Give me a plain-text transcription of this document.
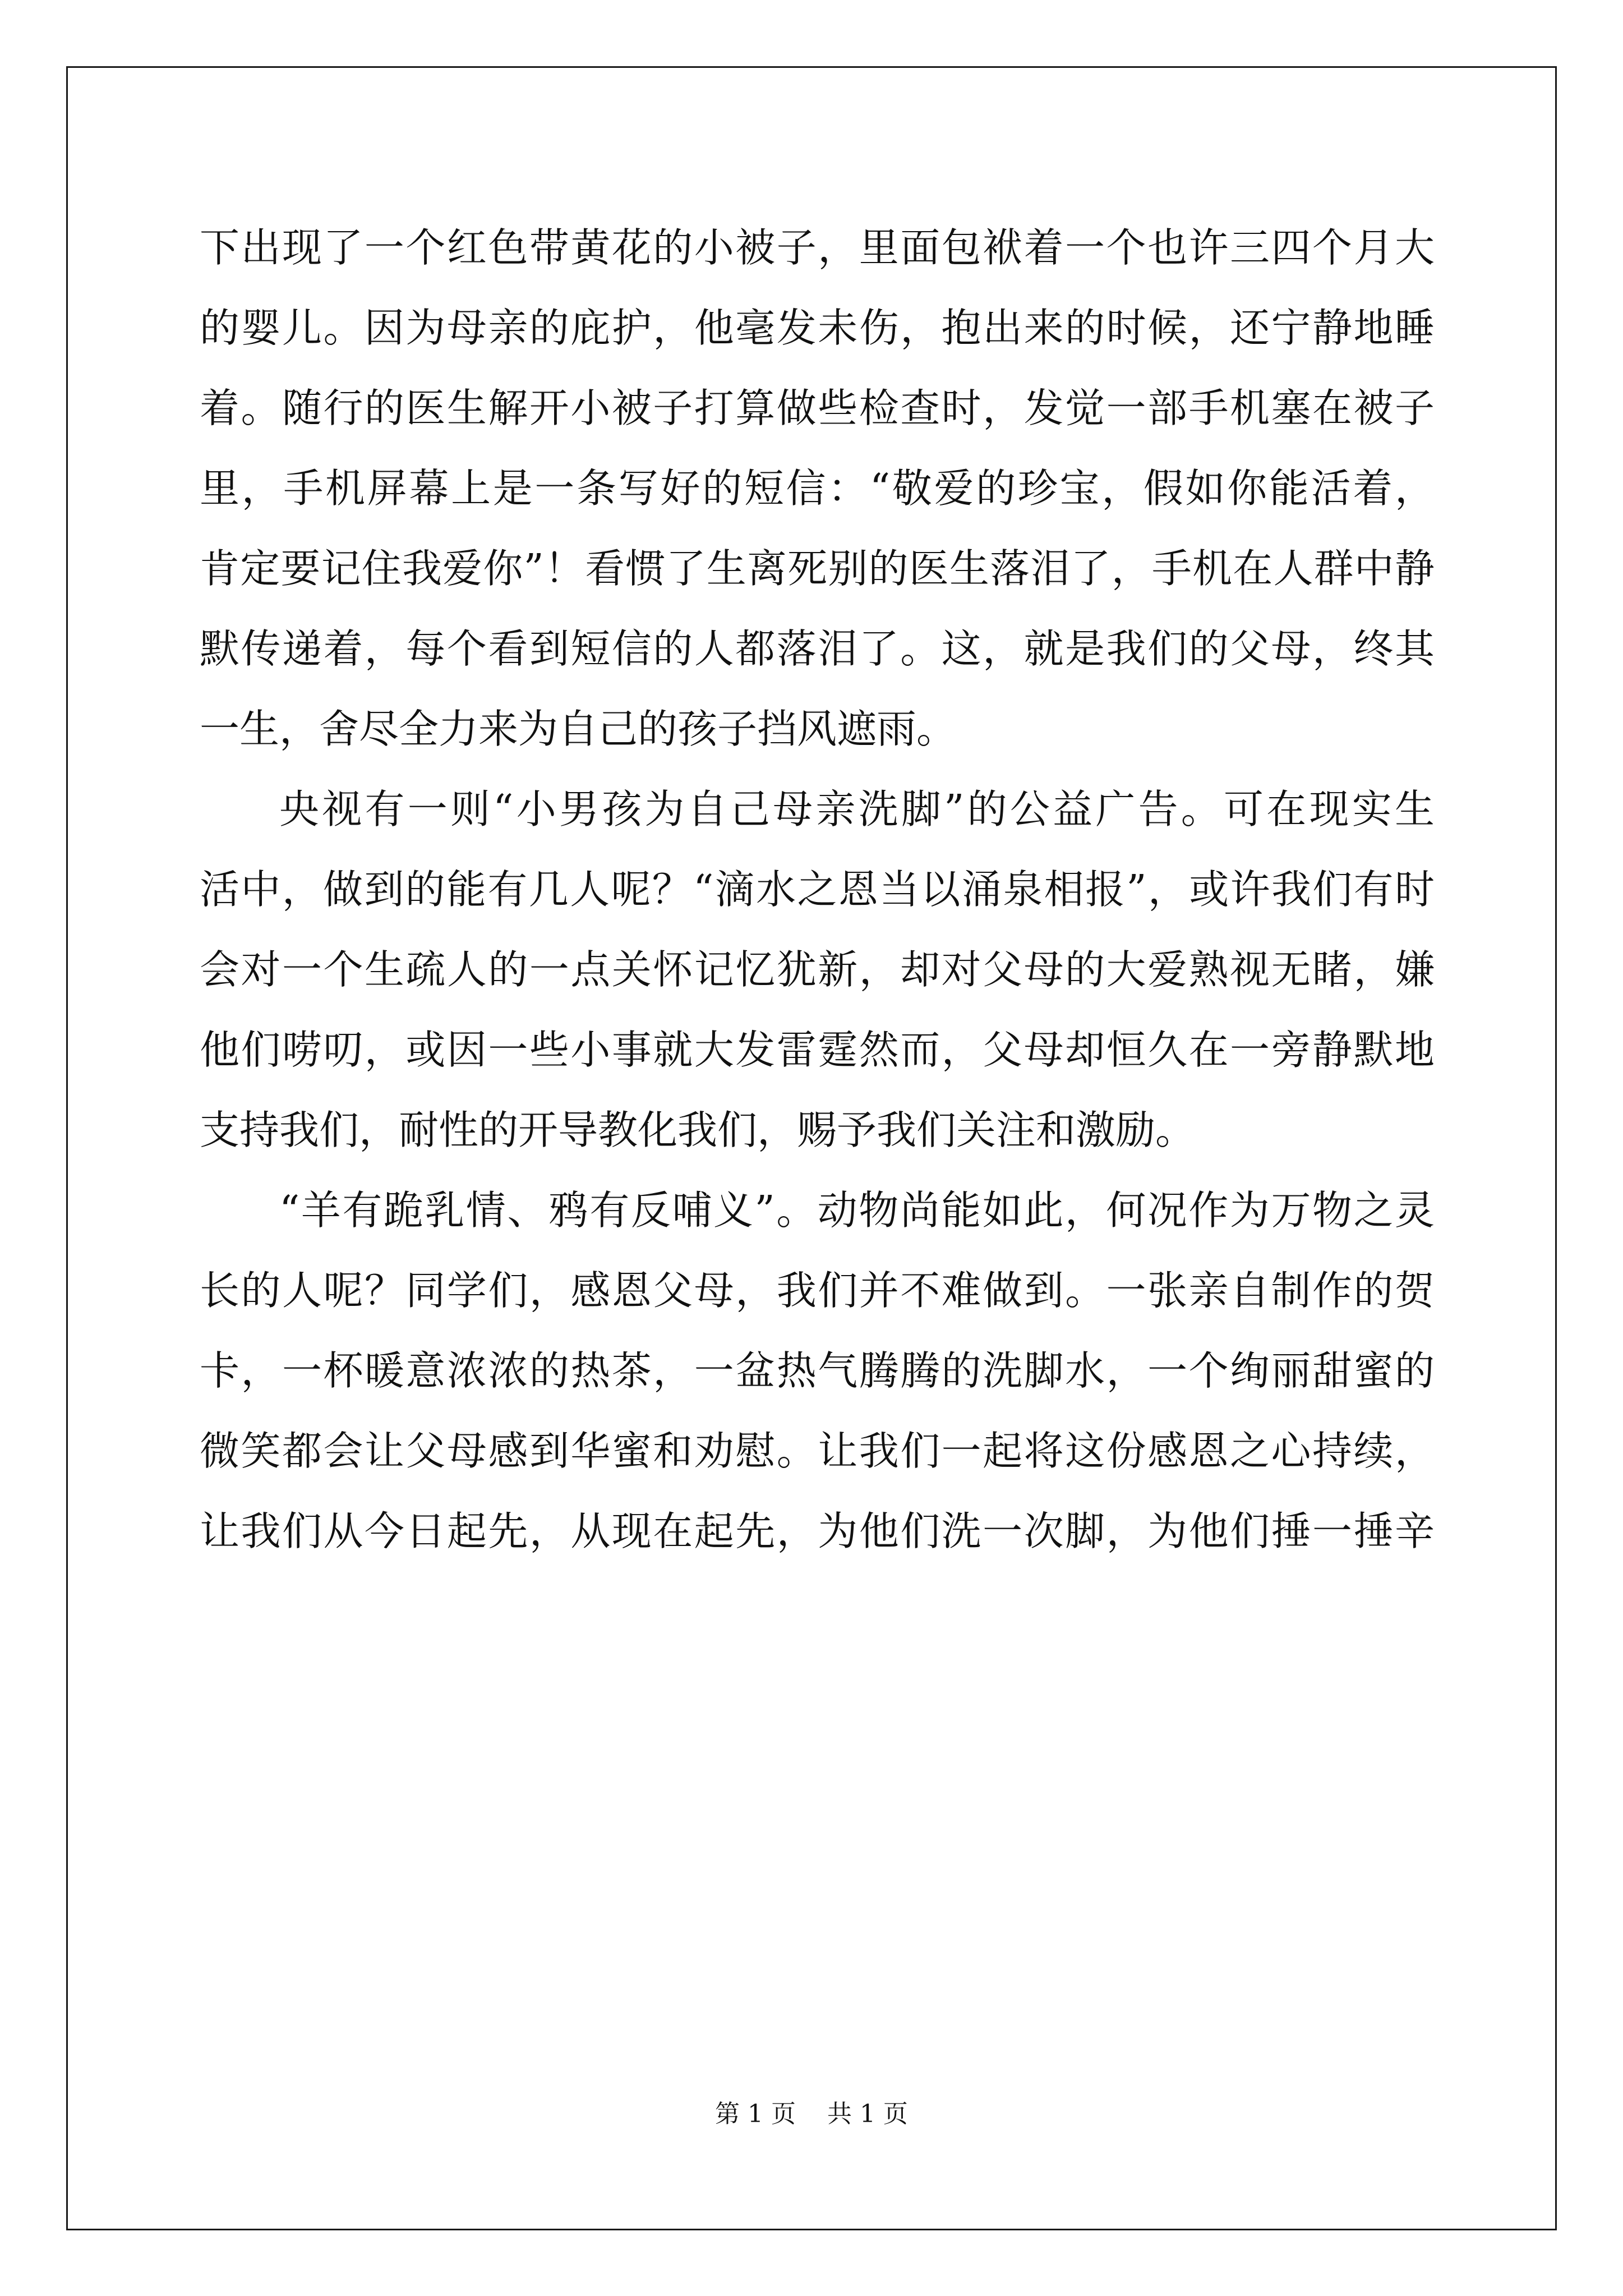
下出现了一个红色带黄花的小被子，里面包袱着一个也许三四个月大
的婴儿。因为母亲的庇护，他毫发未伤，抱出来的时候，还宁静地睡
着。随行的医生解开小被子打算做些检查时，发觉一部手机塞在被子
里，手机屏幕上是一条写好的短信：“敬爱的珍宝，假如你能活着，
肯定要记住我爱你”！看惯了生离死别的医生落泪了，手机在人群中静
默传递着，每个看到短信的人都落泪了。这，就是我们的父母，终其
一生，舍尽全力来为自己的孩子挡风遮雨。
央视有一则“小男孩为自己母亲洗脚”的公益广告。可在现实生
活中，做到的能有几人呢？“滴水之恩当以涌泉相报”，或许我们有时
会对一个生疏人的一点关怀记忆犹新，却对父母的大爱熟视无睹，嫌
他们唠叨，或因一些小事就大发雷霆然而，父母却恒久在一旁静默地
支持我们，耐性的开导教化我们，赐予我们关注和激励。
“羊有跪乳情、鸦有反哺义”。动物尚能如此，何况作为万物之灵
长的人呢？同学们，感恩父母，我们并不难做到。一张亲自制作的贺
卡，一杯暖意浓浓的热茶，一盆热气腾腾的洗脚水，一个绚丽甜蜜的
微笑都会让父母感到华蜜和劝慰。让我们一起将这份感恩之心持续，
让我们从今日起先，从现在起先，为他们洗一次脚，为他们捶一捶辛
第 1 页    共 1 页
